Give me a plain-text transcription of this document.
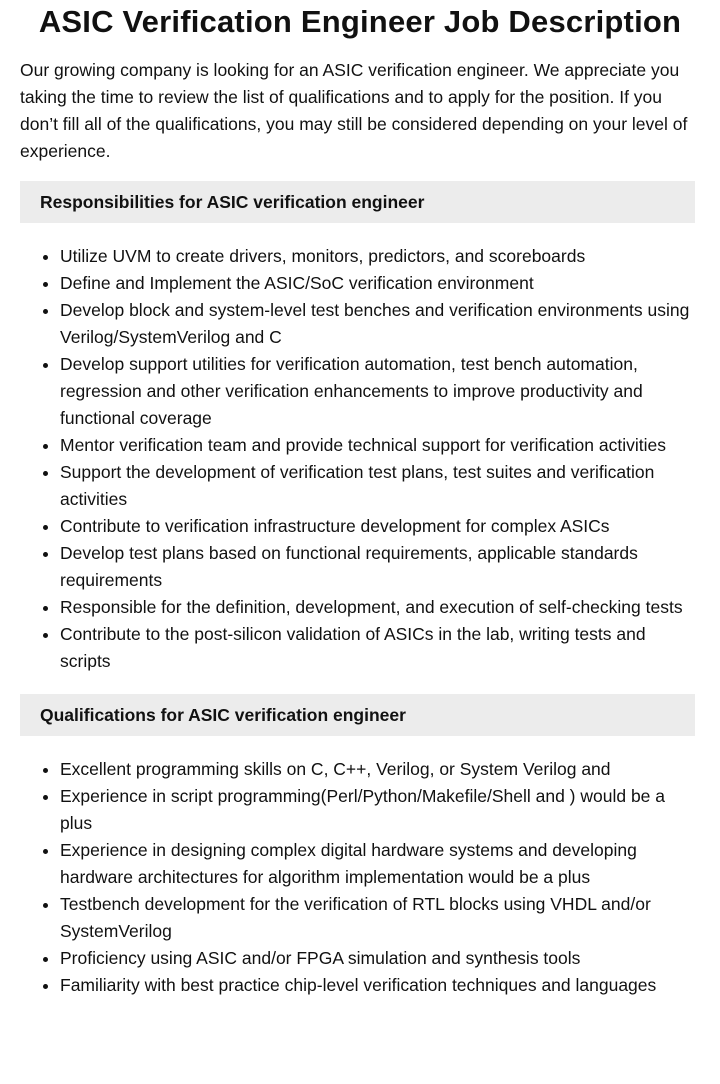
ASIC Verification Engineer Job Description

Our growing company is looking for an ASIC verification engineer. We appreciate you taking the time to review the list of qualifications and to apply for the position. If you don’t fill all of the qualifications, you may still be considered depending on your level of experience.

Responsibilities for ASIC verification engineer
• Utilize UVM to create drivers, monitors, predictors, and scoreboards
• Define and Implement the ASIC/SoC verification environment
• Develop block and system-level test benches and verification environments using Verilog/SystemVerilog and C
• Develop support utilities for verification automation, test bench automation, regression and other verification enhancements to improve productivity and functional coverage
• Mentor verification team and provide technical support for verification activities
• Support the development of verification test plans, test suites and verification activities
• Contribute to verification infrastructure development for complex ASICs
• Develop test plans based on functional requirements, applicable standards requirements
• Responsible for the definition, development, and execution of self-checking tests
• Contribute to the post-silicon validation of ASICs in the lab, writing tests and scripts
Qualifications for ASIC verification engineer
• Excellent programming skills on C, C++, Verilog, or System Verilog and
• Experience in script programming(Perl/Python/Makefile/Shell and ) would be a plus
• Experience in designing complex digital hardware systems and developing hardware architectures for algorithm implementation would be a plus
• Testbench development for the verification of RTL blocks using VHDL and/or SystemVerilog
• Proficiency using ASIC and/or FPGA simulation and synthesis tools
• Familiarity with best practice chip-level verification techniques and languages
